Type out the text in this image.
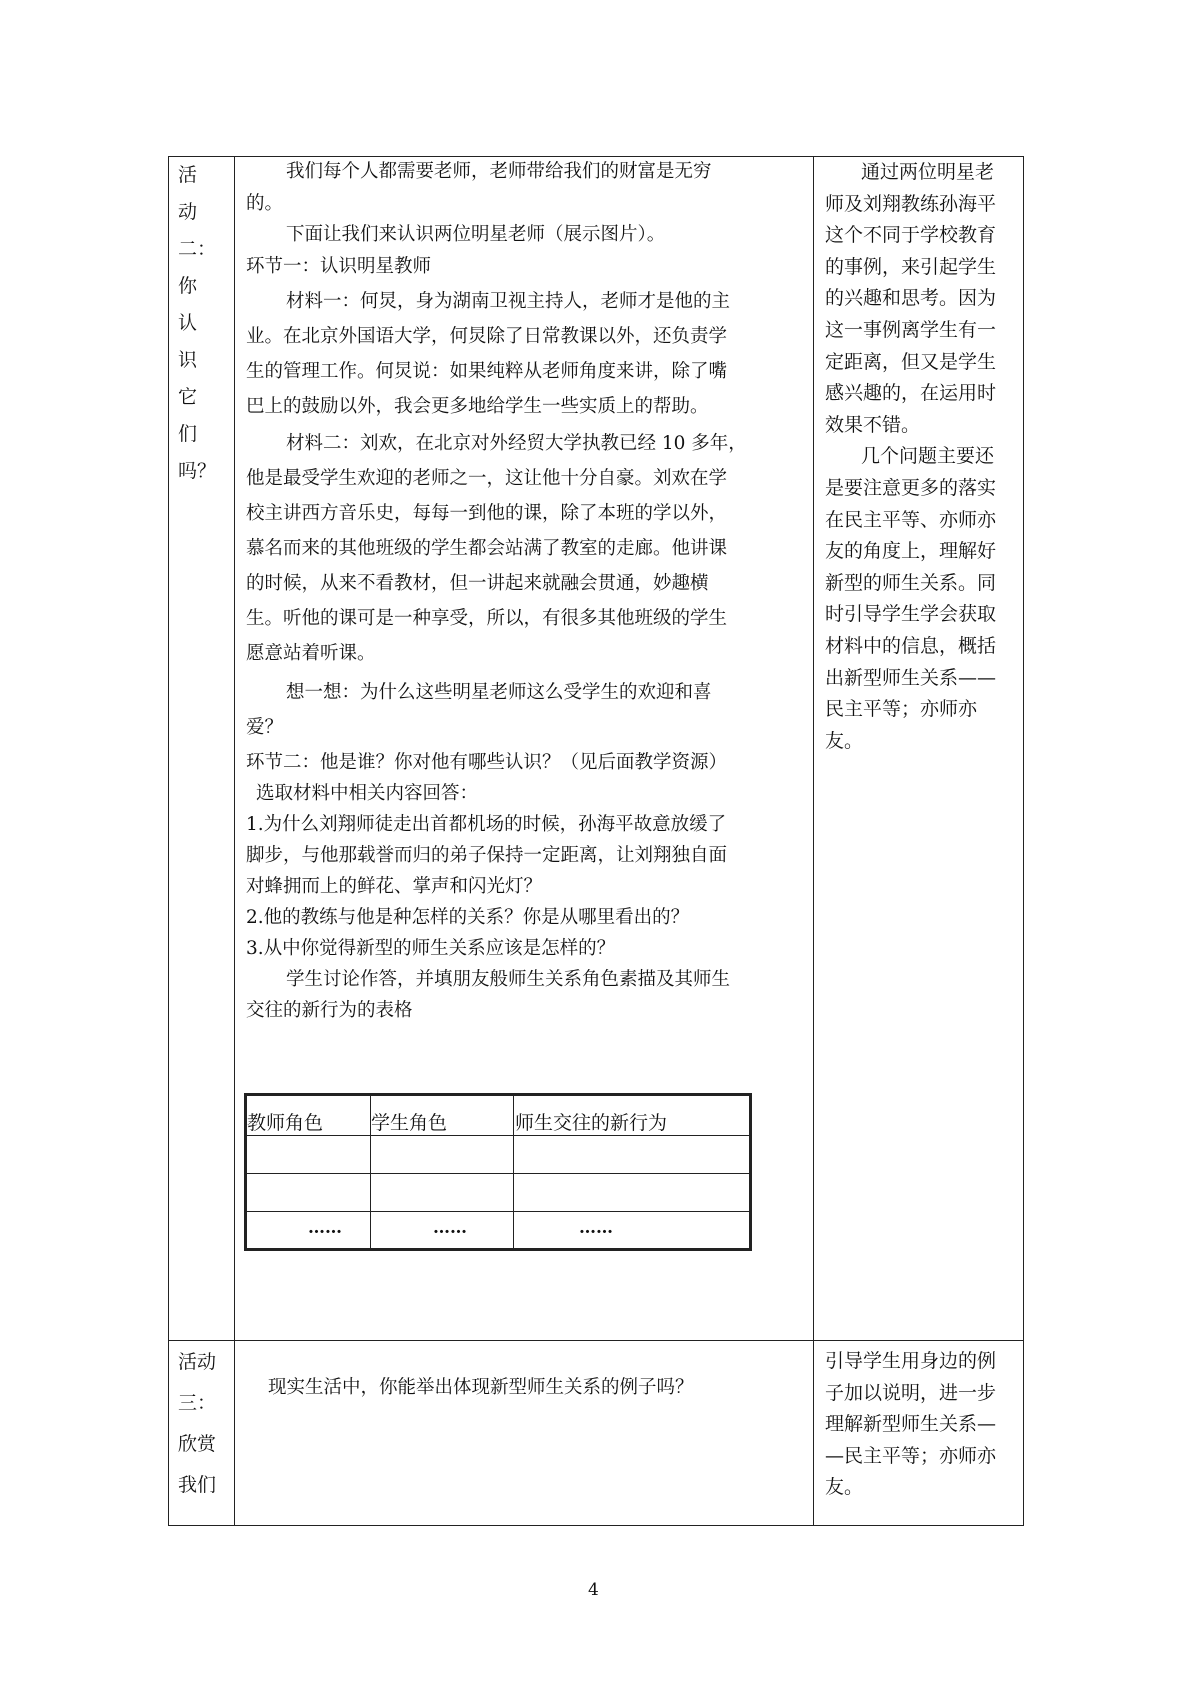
活
动
二：
你
认
识
它
们
吗？

我们每个人都需要老师，老师带给我们的财富是无穷

的。

下面让我们来认识两位明星老师（展示图片）。

环节一：认识明星教师

材料一：何炅，身为湖南卫视主持人，老师才是他的主

业。在北京外国语大学，何炅除了日常教课以外，还负责学

生的管理工作。何炅说：如果纯粹从老师角度来讲，除了嘴

巴上的鼓励以外，我会更多地给学生一些实质上的帮助。

材料二：刘欢，在北京对外经贸大学执教已经 10 多年，

他是最受学生欢迎的老师之一，这让他十分自豪。刘欢在学

校主讲西方音乐史，每每一到他的课，除了本班的学以外，

慕名而来的其他班级的学生都会站满了教室的走廊。他讲课

的时候，从来不看教材，但一讲起来就融会贯通，妙趣横

生。听他的课可是一种享受，所以，有很多其他班级的学生

愿意站着听课。

想一想：为什么这些明星老师这么受学生的欢迎和喜

爱？

环节二：他是谁？你对他有哪些认识？（见后面教学资源）

选取材料中相关内容回答：

1.为什么刘翔师徒走出首都机场的时候，孙海平故意放缓了

脚步，与他那载誉而归的弟子保持一定距离，让刘翔独自面

对蜂拥而上的鲜花、掌声和闪光灯？

2.他的教练与他是种怎样的关系？你是从哪里看出的？

3.从中你觉得新型的师生关系应该是怎样的？

学生讨论作答，并填朋友般师生关系角色素描及其师生

交往的新行为的表格

教师角色	学生角色	师生交往的新行为
……	……	……

通过两位明星老

师及刘翔教练孙海平

这个不同于学校教育

的事例，来引起学生

的兴趣和思考。因为

这一事例离学生有一

定距离，但又是学生

感兴趣的，在运用时

效果不错。

几个问题主要还

是要注意更多的落实

在民主平等、亦师亦

友的角度上，理解好

新型的师生关系。同

时引导学生学会获取

材料中的信息，概括

出新型师生关系——

民主平等；亦师亦

友。

活动
三：
欣赏
我们

现实生活中，你能举出体现新型师生关系的例子吗？

引导学生用身边的例

子加以说明，进一步

理解新型师生关系—

—民主平等；亦师亦

友。

4
